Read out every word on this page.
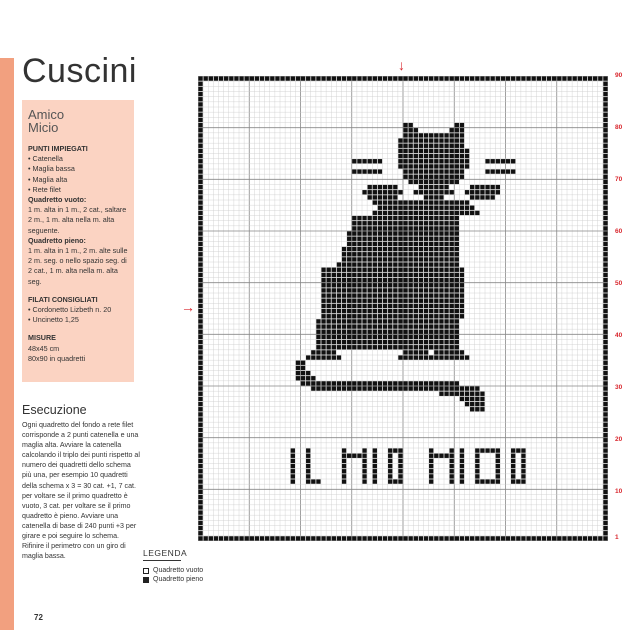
Cuscini
Amico Micio
PUNTI IMPIEGATI
• Catenella
• Maglia bassa
• Maglia alta
• Rete filet
Quadretto vuoto:
1 m. alta in 1 m., 2 cat., saltare 2 m., 1 m. alta nella m. alta seguente.
Quadretto pieno:
1 m. alta in 1 m., 2 m. alte sulle 2 m. seg. o nello spazio seg. di 2 cat., 1 m. alta nella m. alta seg.
FILATI CONSIGLIATI
• Cordonetto Lizbeth n. 20
• Uncinetto 1,25
MISURE
48x45 cm
80x90 in quadretti
Esecuzione
Ogni quadretto del fondo a rete filet corrisponde a 2 punti catenella e una maglia alta. Avviare la catenella calcolando il triplo dei punti rispetto al numero dei quadretti dello schema più una, per esempio 10 quadretti della schema x 3 = 30 cat. +1, 7 cat. per voltare se il primo quadretto è vuoto, 3 cat. per voltare se il primo quadretto è pieno. Avviare una catenella di base di 240 punti +3 per girare e poi seguire lo schema. Rifinire il perimetro con un giro di maglia bassa.
72
↓
→
90
80
70
60
50
40
30
20
10
1
LEGENDA
Quadretto vuoto
Quadretto pieno
